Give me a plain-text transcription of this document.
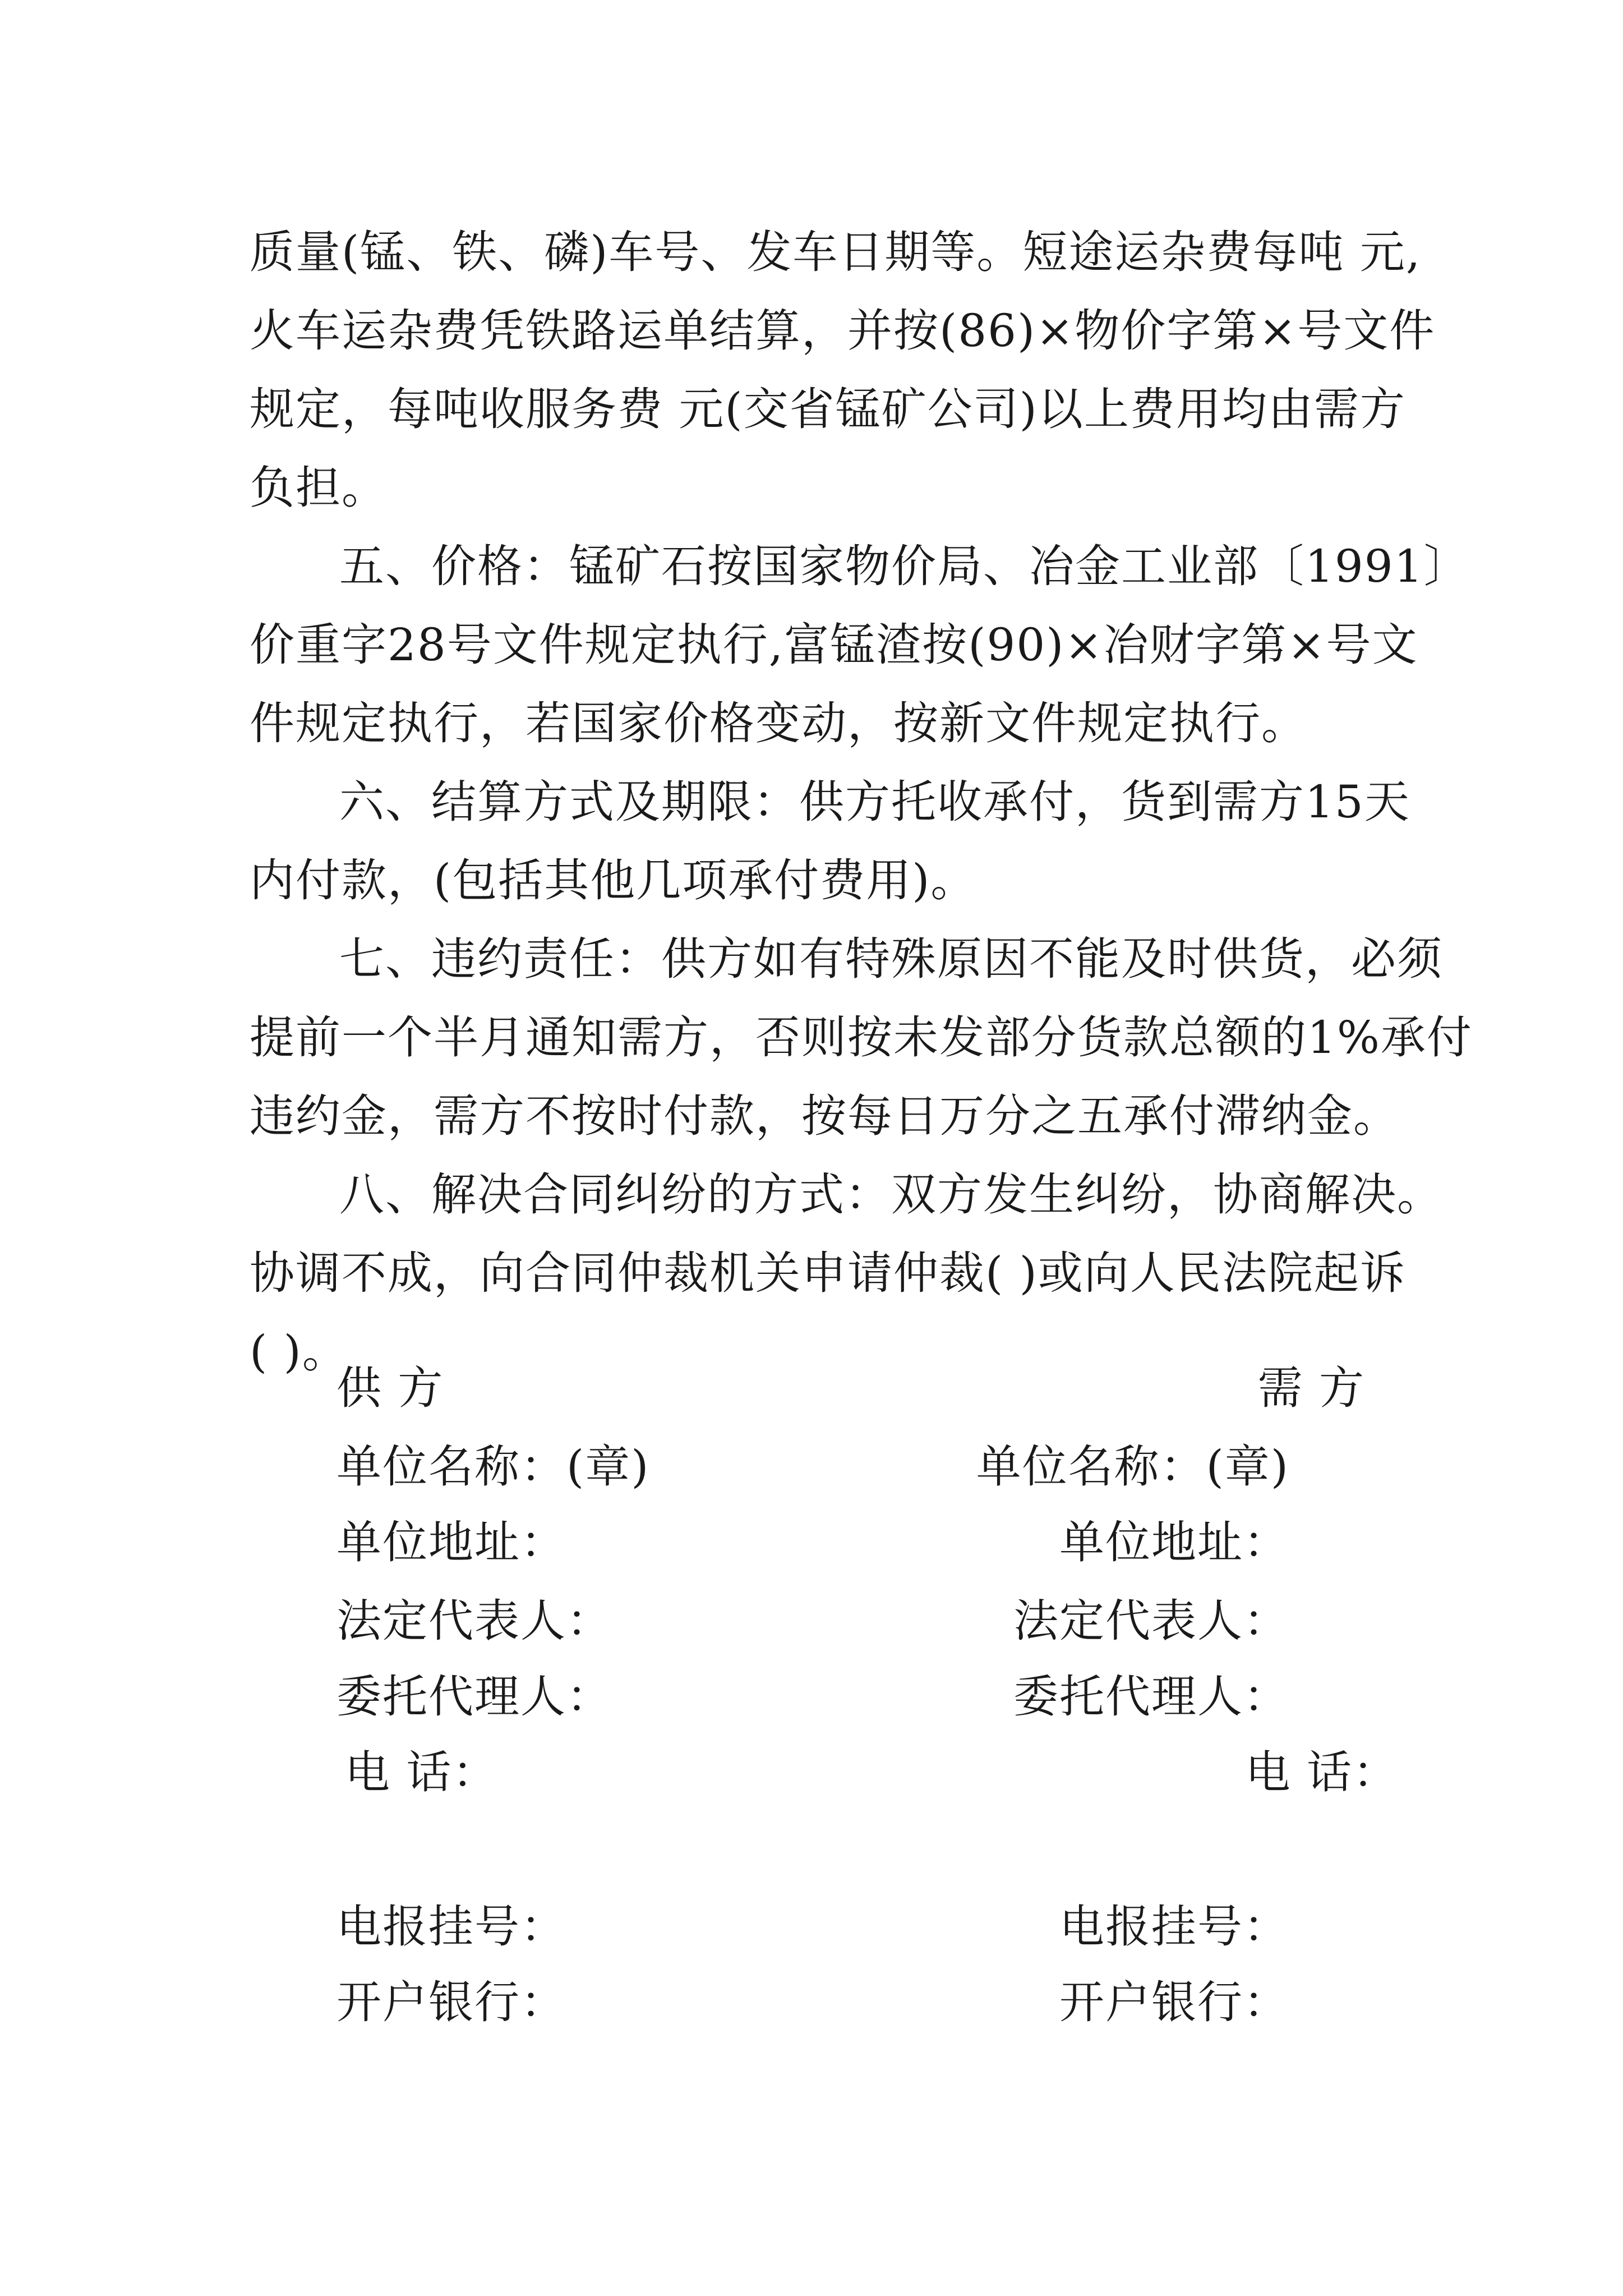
质量(锰、铁、磷)车号、发车日期等。短途运杂费每吨 元,
火车运杂费凭铁路运单结算，并按(86)×物价字第×号文件
规定，每吨收服务费 元(交省锰矿公司)以上费用均由需方
负担。
五、价格：锰矿石按国家物价局、冶金工业部〔1991〕
价重字28号文件规定执行,富锰渣按(90)×冶财字第×号文
件规定执行，若国家价格变动，按新文件规定执行。
六、结算方式及期限：供方托收承付，货到需方15天
内付款，(包括其他几项承付费用)。
七、违约责任：供方如有特殊原因不能及时供货，必须
提前一个半月通知需方，否则按未发部分货款总额的1%承付
违约金，需方不按时付款，按每日万分之五承付滞纳金。
八、解决合同纠纷的方式：双方发生纠纷，协商解决。
协调不成，向合同仲裁机关申请仲裁( )或向人民法院起诉
( )。
供 方	需 方
单位名称：(章)	单位名称：(章)
单位地址：	单位地址：
法定代表人：	法定代表人：
委托代理人：	委托代理人：
电 话：	电 话：
电报挂号：	电报挂号：
开户银行：	开户银行：
